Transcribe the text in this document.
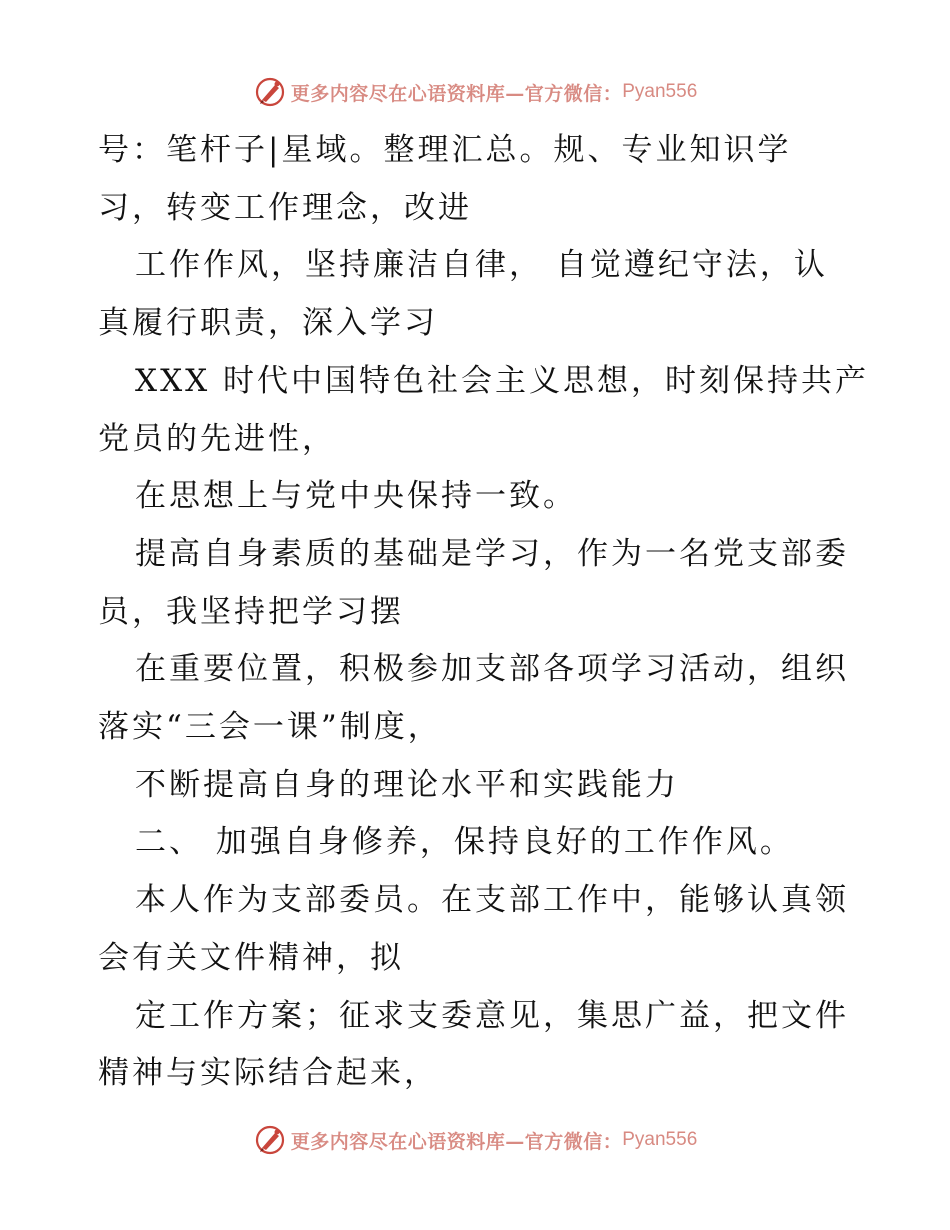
更多内容尽在心语资料库—官方微信： Pyan556

号：笔杆子|星域。整理汇总。规、专业知识学

习，转变工作理念，改进

工作作风，坚持廉洁自律， 自觉遵纪守法，认

真履行职责，深入学习

XXX 时代中国特色社会主义思想，时刻保持共产

党员的先进性，

在思想上与党中央保持一致。

提高自身素质的基础是学习，作为一名党支部委

员，我坚持把学习摆

在重要位置，积极参加支部各项学习活动，组织

落实“三会一课”制度，

不断提高自身的理论水平和实践能力

二、 加强自身修养，保持良好的工作作风。

本人作为支部委员。在支部工作中，能够认真领

会有关文件精神，拟

定工作方案；征求支委意见，集思广益，把文件

精神与实际结合起来，

更多内容尽在心语资料库—官方微信： Pyan556
